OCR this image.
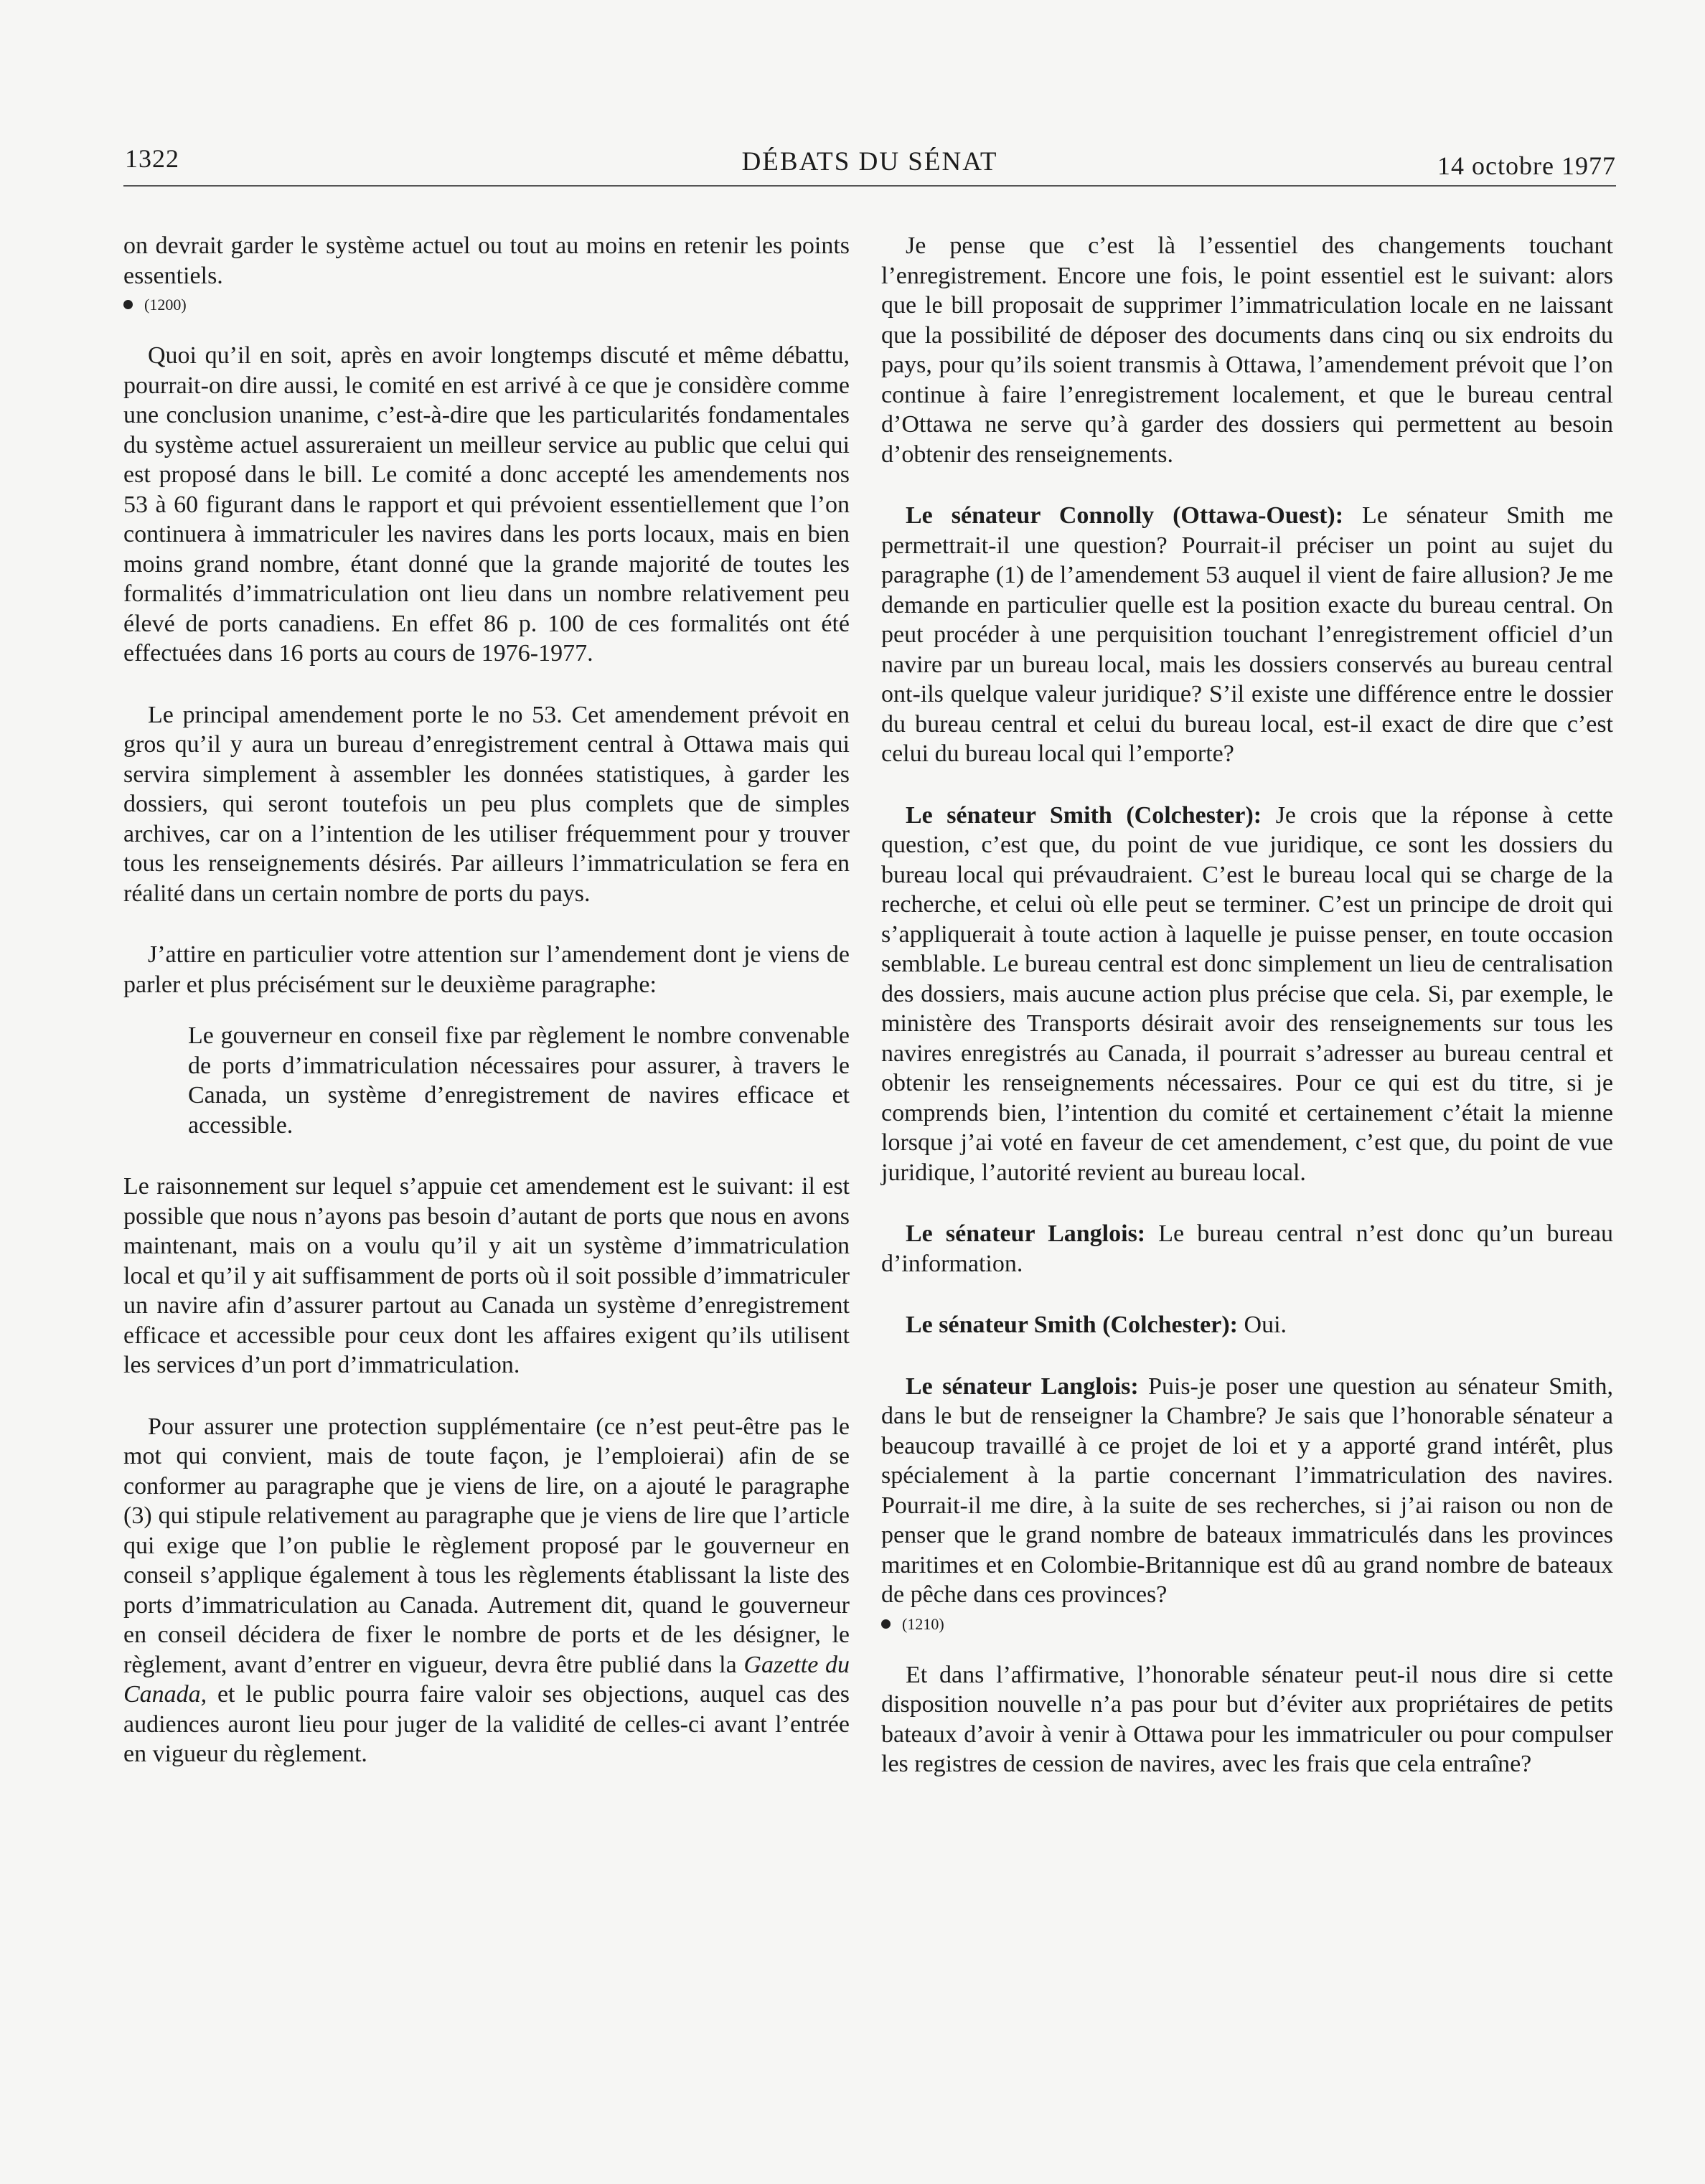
1322	DÉBATS DU SÉNAT	14 octobre 1977

on devrait garder le système actuel ou tout au moins en retenir les points essentiels.

(1200)

Quoi qu’il en soit, après en avoir longtemps discuté et même débattu, pourrait-on dire aussi, le comité en est arrivé à ce que je considère comme une conclusion unanime, c’est-à-dire que les particularités fondamentales du système actuel assureraient un meilleur service au public que celui qui est proposé dans le bill. Le comité a donc accepté les amendements nos 53 à 60 figurant dans le rapport et qui prévoient essentiellement que l’on continuera à immatriculer les navires dans les ports locaux, mais en bien moins grand nombre, étant donné que la grande majorité de toutes les formalités d’immatriculation ont lieu dans un nombre relativement peu élevé de ports canadiens. En effet 86 p. 100 de ces formalités ont été effectuées dans 16 ports au cours de 1976-1977.

Le principal amendement porte le no 53. Cet amendement prévoit en gros qu’il y aura un bureau d’enregistrement central à Ottawa mais qui servira simplement à assembler les données statistiques, à garder les dossiers, qui seront toutefois un peu plus complets que de simples archives, car on a l’intention de les utiliser fréquemment pour y trouver tous les renseignements désirés. Par ailleurs l’immatriculation se fera en réalité dans un certain nombre de ports du pays.

J’attire en particulier votre attention sur l’amendement dont je viens de parler et plus précisément sur le deuxième paragraphe:

Le gouverneur en conseil fixe par règlement le nombre convenable de ports d’immatriculation nécessaires pour assurer, à travers le Canada, un système d’enregistrement de navires efficace et accessible.

Le raisonnement sur lequel s’appuie cet amendement est le suivant: il est possible que nous n’ayons pas besoin d’autant de ports que nous en avons maintenant, mais on a voulu qu’il y ait un système d’immatriculation local et qu’il y ait suffisamment de ports où il soit possible d’immatriculer un navire afin d’assurer partout au Canada un système d’enregistrement efficace et accessible pour ceux dont les affaires exigent qu’ils utilisent les services d’un port d’immatriculation.

Pour assurer une protection supplémentaire (ce n’est peut-être pas le mot qui convient, mais de toute façon, je l’emploierai) afin de se conformer au paragraphe que je viens de lire, on a ajouté le paragraphe (3) qui stipule relativement au paragraphe que je viens de lire que l’article qui exige que l’on publie le règlement proposé par le gouverneur en conseil s’applique également à tous les règlements établissant la liste des ports d’immatriculation au Canada. Autrement dit, quand le gouverneur en conseil décidera de fixer le nombre de ports et de les désigner, le règlement, avant d’entrer en vigueur, devra être publié dans la Gazette du Canada, et le public pourra faire valoir ses objections, auquel cas des audiences auront lieu pour juger de la validité de celles-ci avant l’entrée en vigueur du règlement.

Je pense que c’est là l’essentiel des changements touchant l’enregistrement. Encore une fois, le point essentiel est le suivant: alors que le bill proposait de supprimer l’immatriculation locale en ne laissant que la possibilité de déposer des documents dans cinq ou six endroits du pays, pour qu’ils soient transmis à Ottawa, l’amendement prévoit que l’on continue à faire l’enregistrement localement, et que le bureau central d’Ottawa ne serve qu’à garder des dossiers qui permettent au besoin d’obtenir des renseignements.

Le sénateur Connolly (Ottawa-Ouest): Le sénateur Smith me permettrait-il une question? Pourrait-il préciser un point au sujet du paragraphe (1) de l’amendement 53 auquel il vient de faire allusion? Je me demande en particulier quelle est la position exacte du bureau central. On peut procéder à une perquisition touchant l’enregistrement officiel d’un navire par un bureau local, mais les dossiers conservés au bureau central ont-ils quelque valeur juridique? S’il existe une différence entre le dossier du bureau central et celui du bureau local, est-il exact de dire que c’est celui du bureau local qui l’emporte?

Le sénateur Smith (Colchester): Je crois que la réponse à cette question, c’est que, du point de vue juridique, ce sont les dossiers du bureau local qui prévaudraient. C’est le bureau local qui se charge de la recherche, et celui où elle peut se terminer. C’est un principe de droit qui s’appliquerait à toute action à laquelle je puisse penser, en toute occasion semblable. Le bureau central est donc simplement un lieu de centralisation des dossiers, mais aucune action plus précise que cela. Si, par exemple, le ministère des Transports désirait avoir des renseignements sur tous les navires enregistrés au Canada, il pourrait s’adresser au bureau central et obtenir les renseignements nécessaires. Pour ce qui est du titre, si je comprends bien, l’intention du comité et certainement c’était la mienne lorsque j’ai voté en faveur de cet amendement, c’est que, du point de vue juridique, l’autorité revient au bureau local.

Le sénateur Langlois: Le bureau central n’est donc qu’un bureau d’information.

Le sénateur Smith (Colchester): Oui.

Le sénateur Langlois: Puis-je poser une question au sénateur Smith, dans le but de renseigner la Chambre? Je sais que l’honorable sénateur a beaucoup travaillé à ce projet de loi et y a apporté grand intérêt, plus spécialement à la partie concernant l’immatriculation des navires. Pourrait-il me dire, à la suite de ses recherches, si j’ai raison ou non de penser que le grand nombre de bateaux immatriculés dans les provinces maritimes et en Colombie-Britannique est dû au grand nombre de bateaux de pêche dans ces provinces?

(1210)

Et dans l’affirmative, l’honorable sénateur peut-il nous dire si cette disposition nouvelle n’a pas pour but d’éviter aux propriétaires de petits bateaux d’avoir à venir à Ottawa pour les immatriculer ou pour compulser les registres de cession de navires, avec les frais que cela entraîne?
